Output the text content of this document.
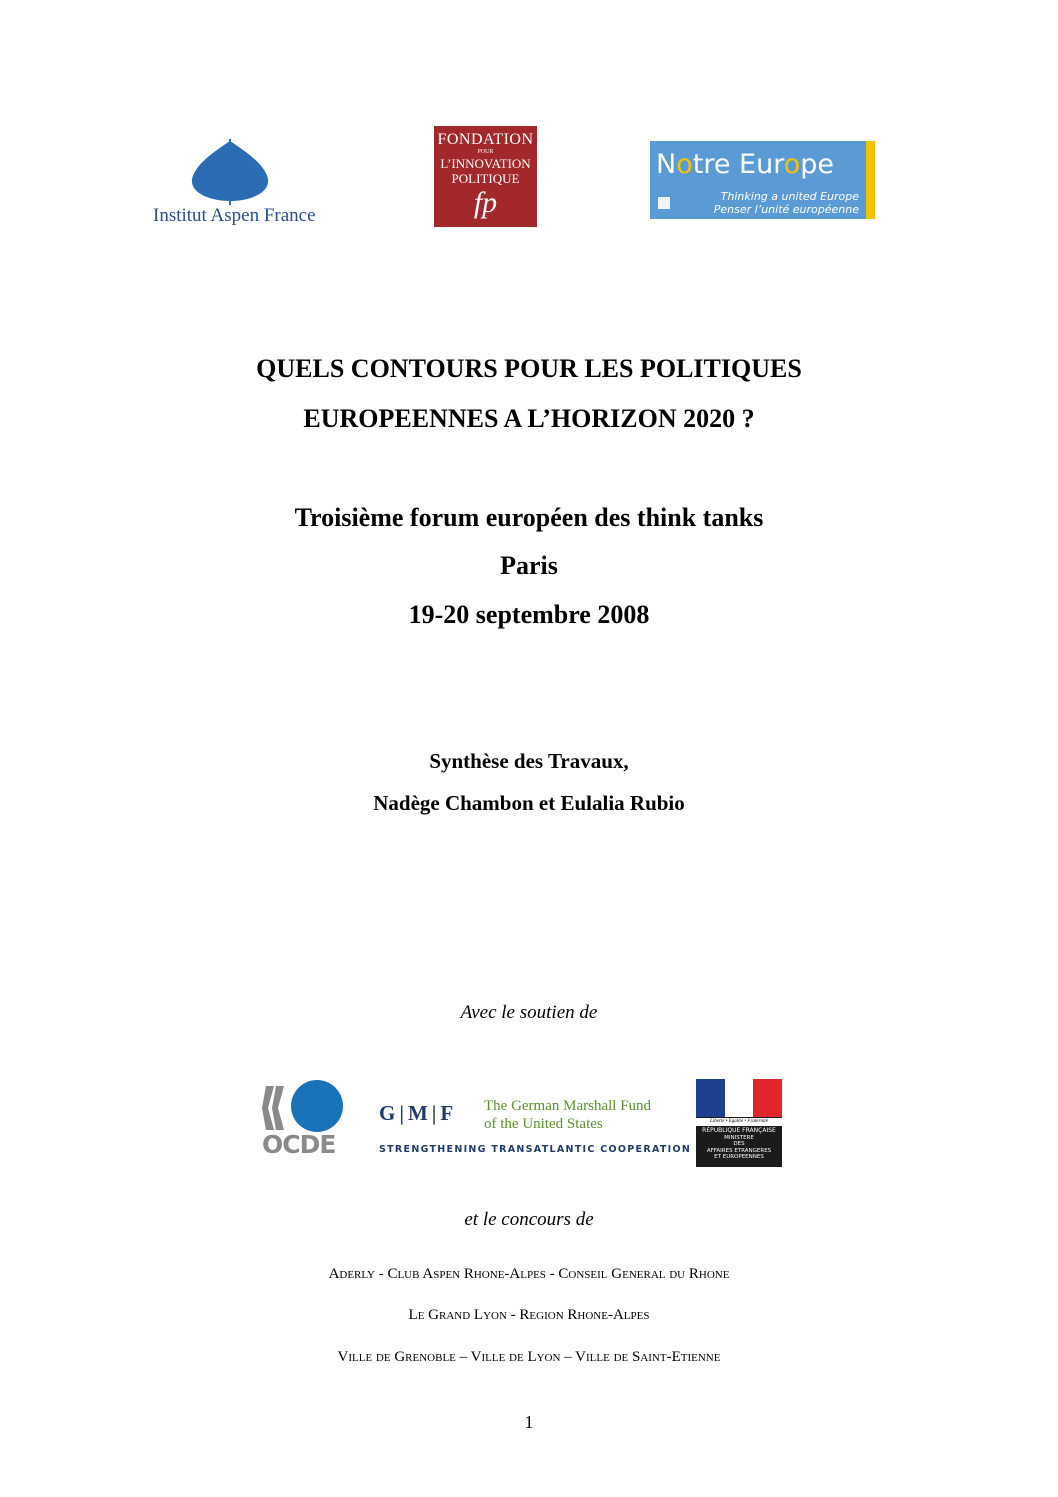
Institut Aspen France
FONDATION
POUR
L’INNOVATION
POLITIQUE
fp
Notre Europe
Thinking a united Europe
Penser l’unité européenne
QUELS CONTOURS POUR LES POLITIQUES
EUROPEENNES A L’HORIZON 2020 ?
Troisième forum européen des think tanks
Paris
19-20 septembre 2008
Synthèse des Travaux,
Nadège Chambon et Eulalia Rubio
Avec le soutien de
OCDE
G|M|F The German Marshall Fund
of the United States
STRENGTHENING TRANSATLANTIC COOPERATION
Liberté • Égalité • Fraternité
RÉPUBLIQUE FRANÇAISE
MINISTERE
DES
AFFAIRES ETRANGERES
ET EUROPEENNES
et le concours de
Aderly - Club Aspen Rhone-Alpes - Conseil General du Rhone
Le Grand Lyon - Region Rhone-Alpes
Ville de Grenoble – Ville de Lyon – Ville de Saint-Etienne
1
